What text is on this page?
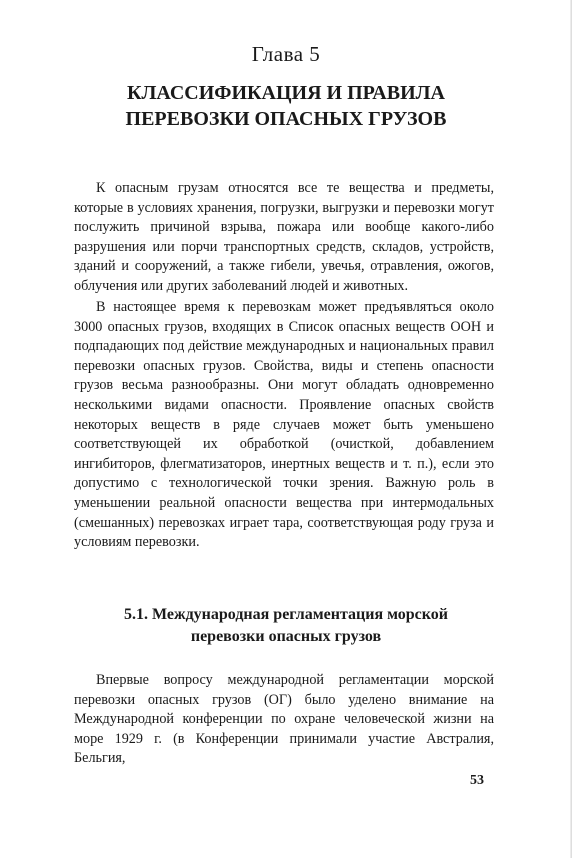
Глава 5
КЛАССИФИКАЦИЯ И ПРАВИЛА
ПЕРЕВОЗКИ ОПАСНЫХ ГРУЗОВ

К опасным грузам относятся все те вещества и предметы, которые в условиях хранения, погрузки, выгрузки и перевозки могут послужить причиной взрыва, пожара или вообще какого-либо разрушения или порчи транспортных средств, складов, устройств, зданий и сооружений, а также гибели, увечья, отравления, ожогов, облучения или других заболеваний людей и животных.

В настоящее время к перевозкам может предъявляться около 3000 опасных грузов, входящих в Список опасных веществ ООН и подпадающих под действие международных и национальных правил перевозки опасных грузов. Свойства, виды и степень опасности грузов весьма разнообразны. Они могут обладать одновременно несколькими видами опасности. Проявление опасных свойств некоторых веществ в ряде случаев может быть уменьшено соответствующей их обработкой (очисткой, добавлением ингибиторов, флегматизаторов, инертных веществ и т. п.), если это допустимо с технологической точки зрения. Важную роль в уменьшении реальной опасности вещества при интермодальных (смешанных) перевозках играет тара, соответствующая роду груза и условиям перевозки.

5.1. Международная регламентация морской
перевозки опасных грузов

Впервые вопросу международной регламентации морской перевозки опасных грузов (ОГ) было уделено внимание на Международной конференции по охране человеческой жизни на море 1929 г. (в Конференции принимали участие Австралия, Бельгия,

53
